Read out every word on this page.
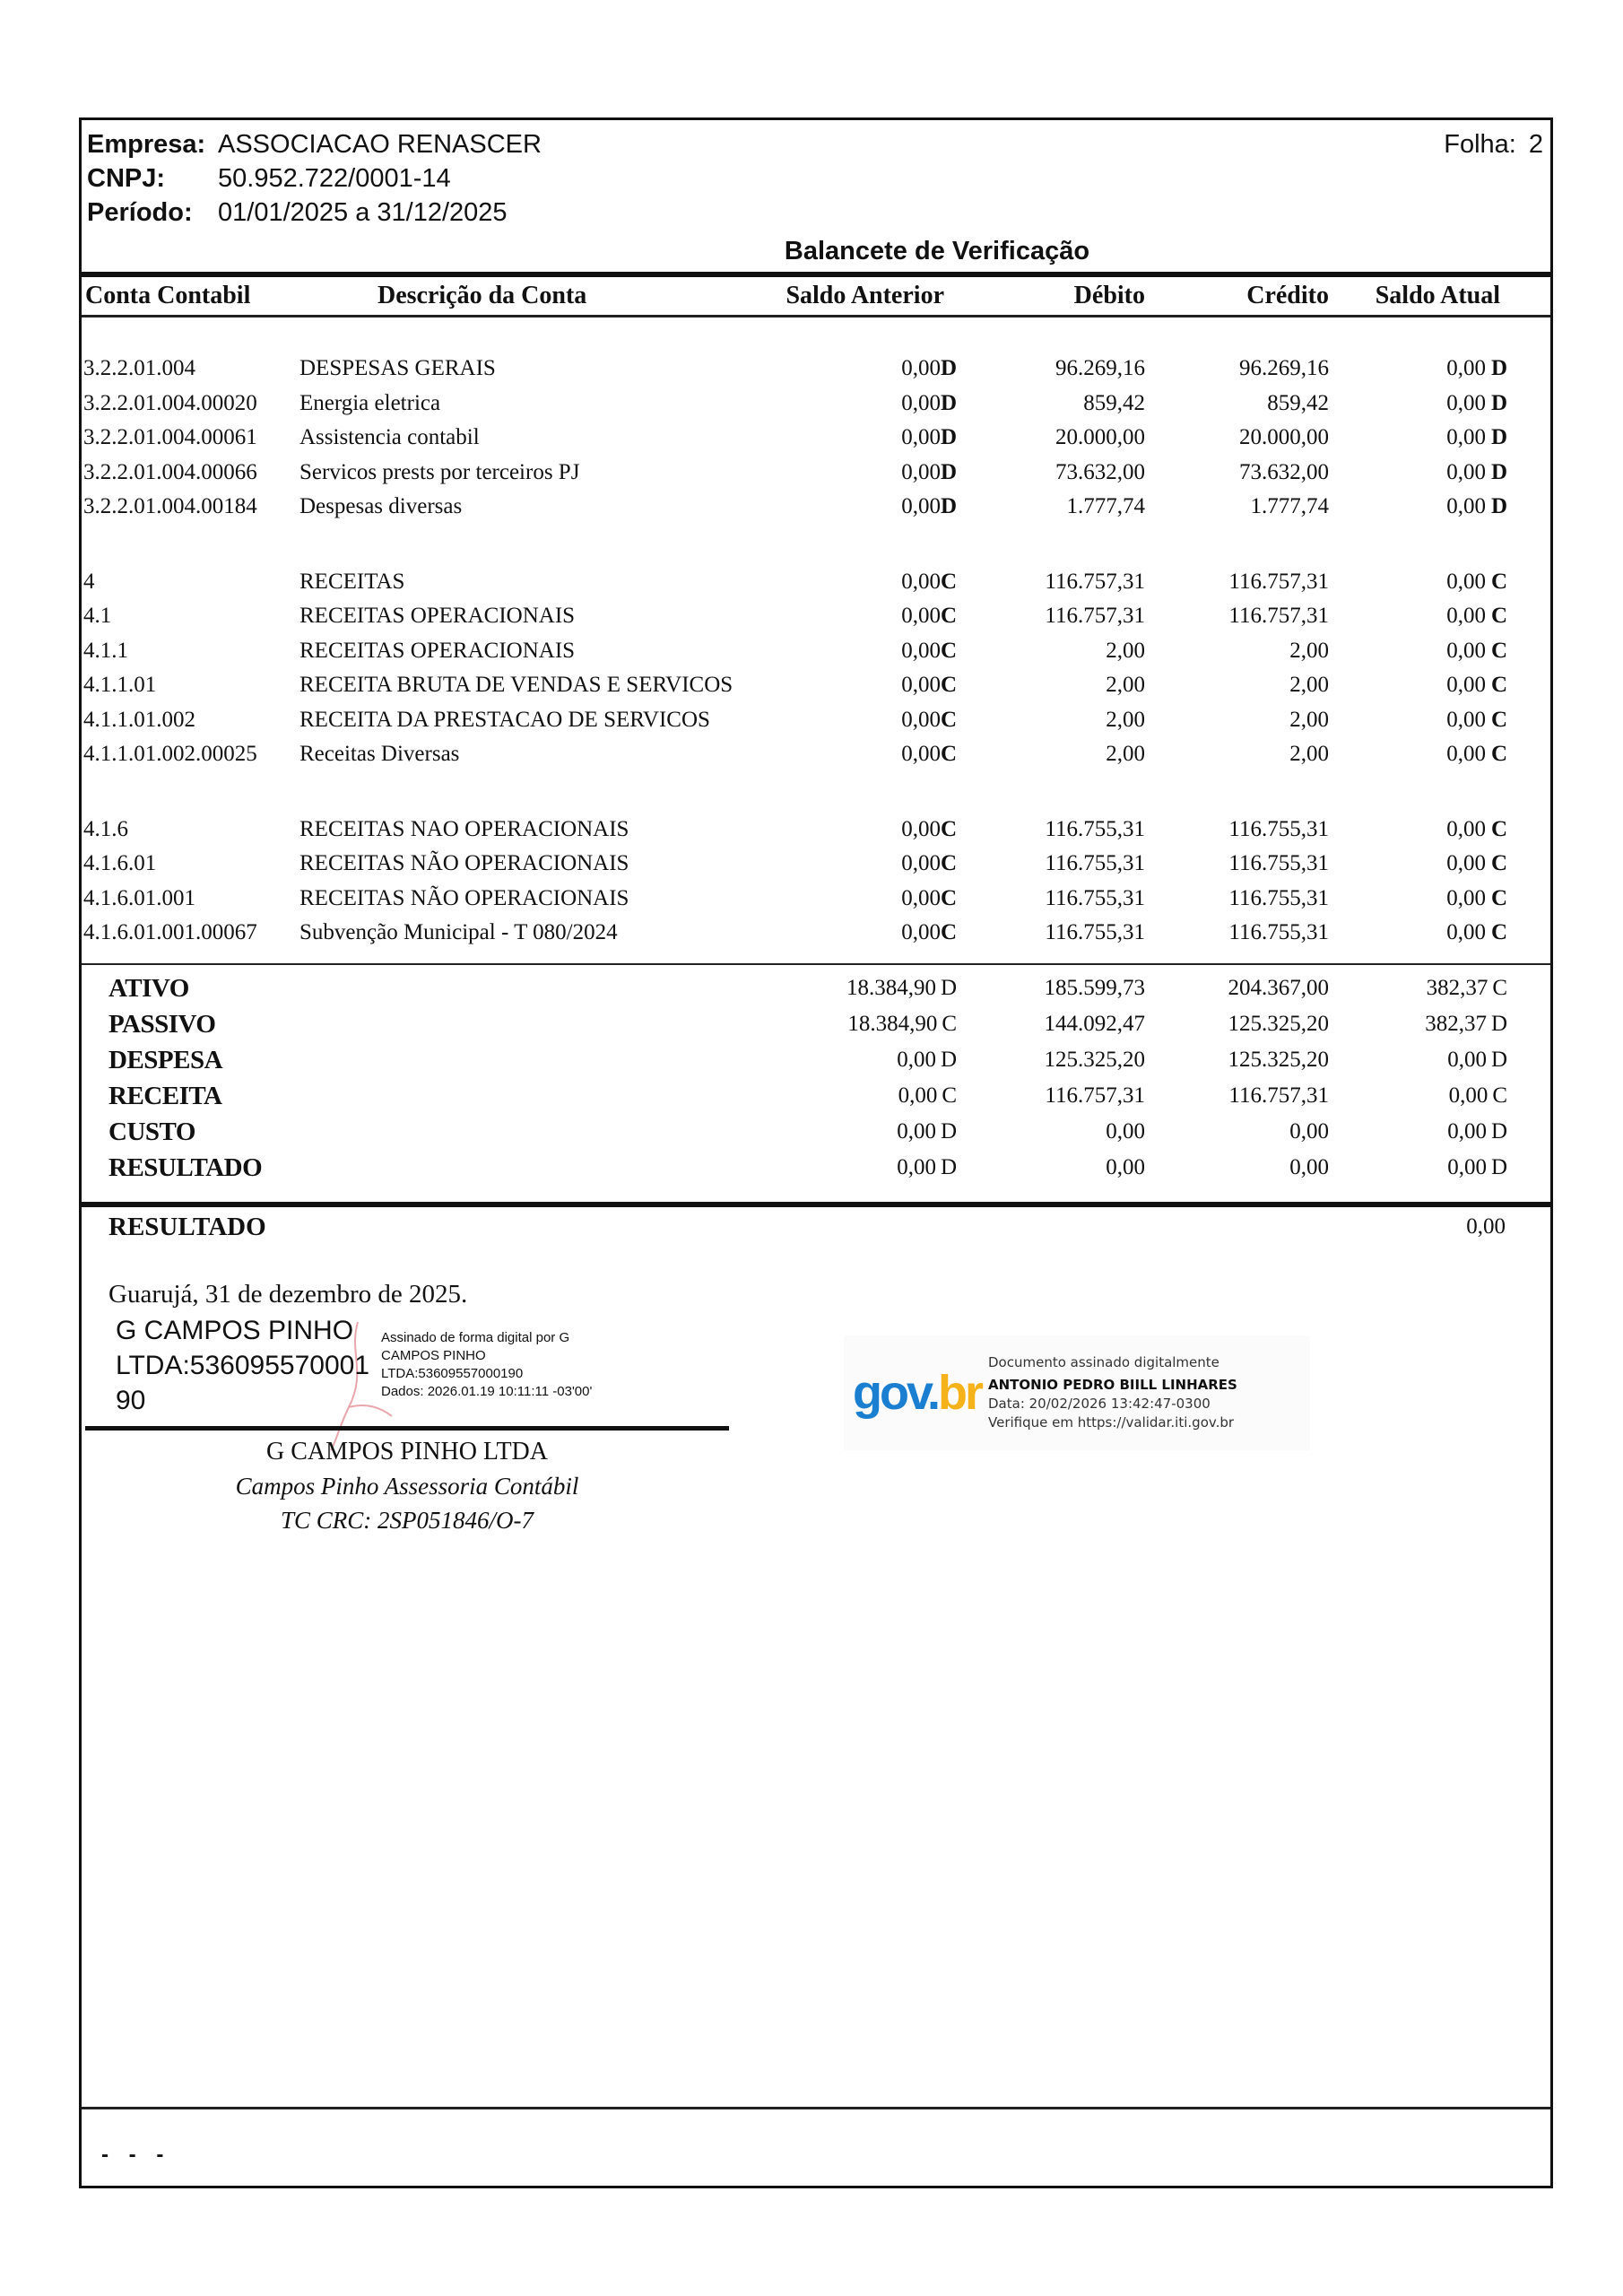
Empresa: ASSOCIACAO RENASCER
CNPJ:	50.952.722/0001-14
Período: 01/01/2025 a 31/12/2025
Folha: 2
Balancete de Verificação
Conta Contabil	Descrição da Conta	Saldo Anterior	Débito	Crédito	Saldo Atual
3.2.2.01.004	DESPESAS GERAIS	0,00D	96.269,16	96.269,16	0,00 D
3.2.2.01.004.00020	Energia eletrica	0,00D	859,42	859,42	0,00 D
3.2.2.01.004.00061	Assistencia contabil	0,00D	20.000,00	20.000,00	0,00 D
3.2.2.01.004.00066	Servicos prests por terceiros PJ	0,00D	73.632,00	73.632,00	0,00 D
3.2.2.01.004.00184	Despesas diversas	0,00D	1.777,74	1.777,74	0,00 D
4	RECEITAS	0,00C	116.757,31	116.757,31	0,00 C
4.1	RECEITAS OPERACIONAIS	0,00C	116.757,31	116.757,31	0,00 C
4.1.1	RECEITAS OPERACIONAIS	0,00C	2,00	2,00	0,00 C
4.1.1.01	RECEITA BRUTA DE VENDAS E SERVICOS	0,00C	2,00	2,00	0,00 C
4.1.1.01.002	RECEITA DA PRESTACAO DE SERVICOS	0,00C	2,00	2,00	0,00 C
4.1.1.01.002.00025	Receitas Diversas	0,00C	2,00	2,00	0,00 C
4.1.6	RECEITAS NAO OPERACIONAIS	0,00C	116.755,31	116.755,31	0,00 C
4.1.6.01	RECEITAS NÃO OPERACIONAIS	0,00C	116.755,31	116.755,31	0,00 C
4.1.6.01.001	RECEITAS NÃO OPERACIONAIS	0,00C	116.755,31	116.755,31	0,00 C
4.1.6.01.001.00067	Subvenção Municipal - T 080/2024	0,00C	116.755,31	116.755,31	0,00 C
ATIVO	18.384,90 D	185.599,73	204.367,00	382,37 C
PASSIVO	18.384,90 C	144.092,47	125.325,20	382,37 D
DESPESA	0,00 D	125.325,20	125.325,20	0,00 D
RECEITA	0,00 C	116.757,31	116.757,31	0,00 C
CUSTO	0,00 D	0,00	0,00	0,00 D
RESULTADO	0,00 D	0,00	0,00	0,00 D
RESULTADO	0,00
Guarujá, 31 de dezembro de 2025.
G CAMPOS PINHO
LTDA:536095570001
90
Assinado de forma digital por G
CAMPOS PINHO
LTDA:53609557000190
Dados: 2026.01.19 10:11:11 -03'00'
G CAMPOS PINHO LTDA
Campos Pinho Assessoria Contábil
TC CRC: 2SP051846/O-7
gov.br
Documento assinado digitalmente
ANTONIO PEDRO BIILL LINHARES
Data: 20/02/2026 13:42:47-0300
Verifique em https://validar.iti.gov.br
- - -
